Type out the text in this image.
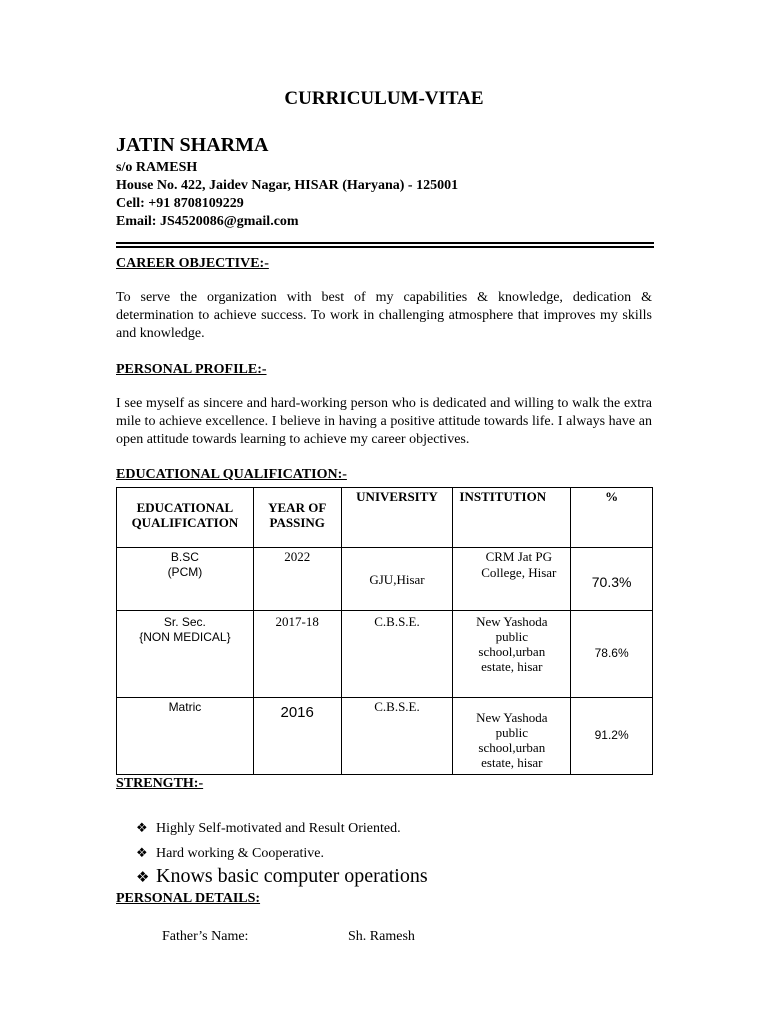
CURRICULUM-VITAE
JATIN SHARMA
s/o RAMESH
House No. 422, Jaidev Nagar, HISAR (Haryana) - 125001
Cell: +91 8708109229
Email: JS4520086@gmail.com
CAREER OBJECTIVE:-
To serve the organization with best of my capabilities & knowledge, dedication & determination to achieve success. To work in challenging atmosphere that improves my skills and knowledge.
PERSONAL PROFILE:-
I see myself as sincere and hard-working person who is dedicated and willing to walk the extra mile to achieve excellence. I believe in having a positive attitude towards life. I always have an open attitude towards learning to achieve my career objectives.
EDUCATIONAL QUALIFICATION:-
EDUCATIONAL QUALIFICATION	YEAR OF PASSING	UNIVERSITY	INSTITUTION	%

B.SC
(PCM)	2022	GJU,Hisar	CRM Jat PG College, Hisar	70.3%

Sr. Sec.
{NON MEDICAL}	2017-18	C.B.S.E.	New Yashoda public school,urban estate, hisar	78.6%

Matric	2016	C.B.S.E.	New Yashoda public school,urban estate, hisar	91.2%
STRENGTH:-
❖ Highly Self-motivated and Result Oriented.
❖ Hard working & Cooperative.
❖ Knows basic computer operations
PERSONAL DETAILS:
Father’s Name:	Sh. Ramesh
